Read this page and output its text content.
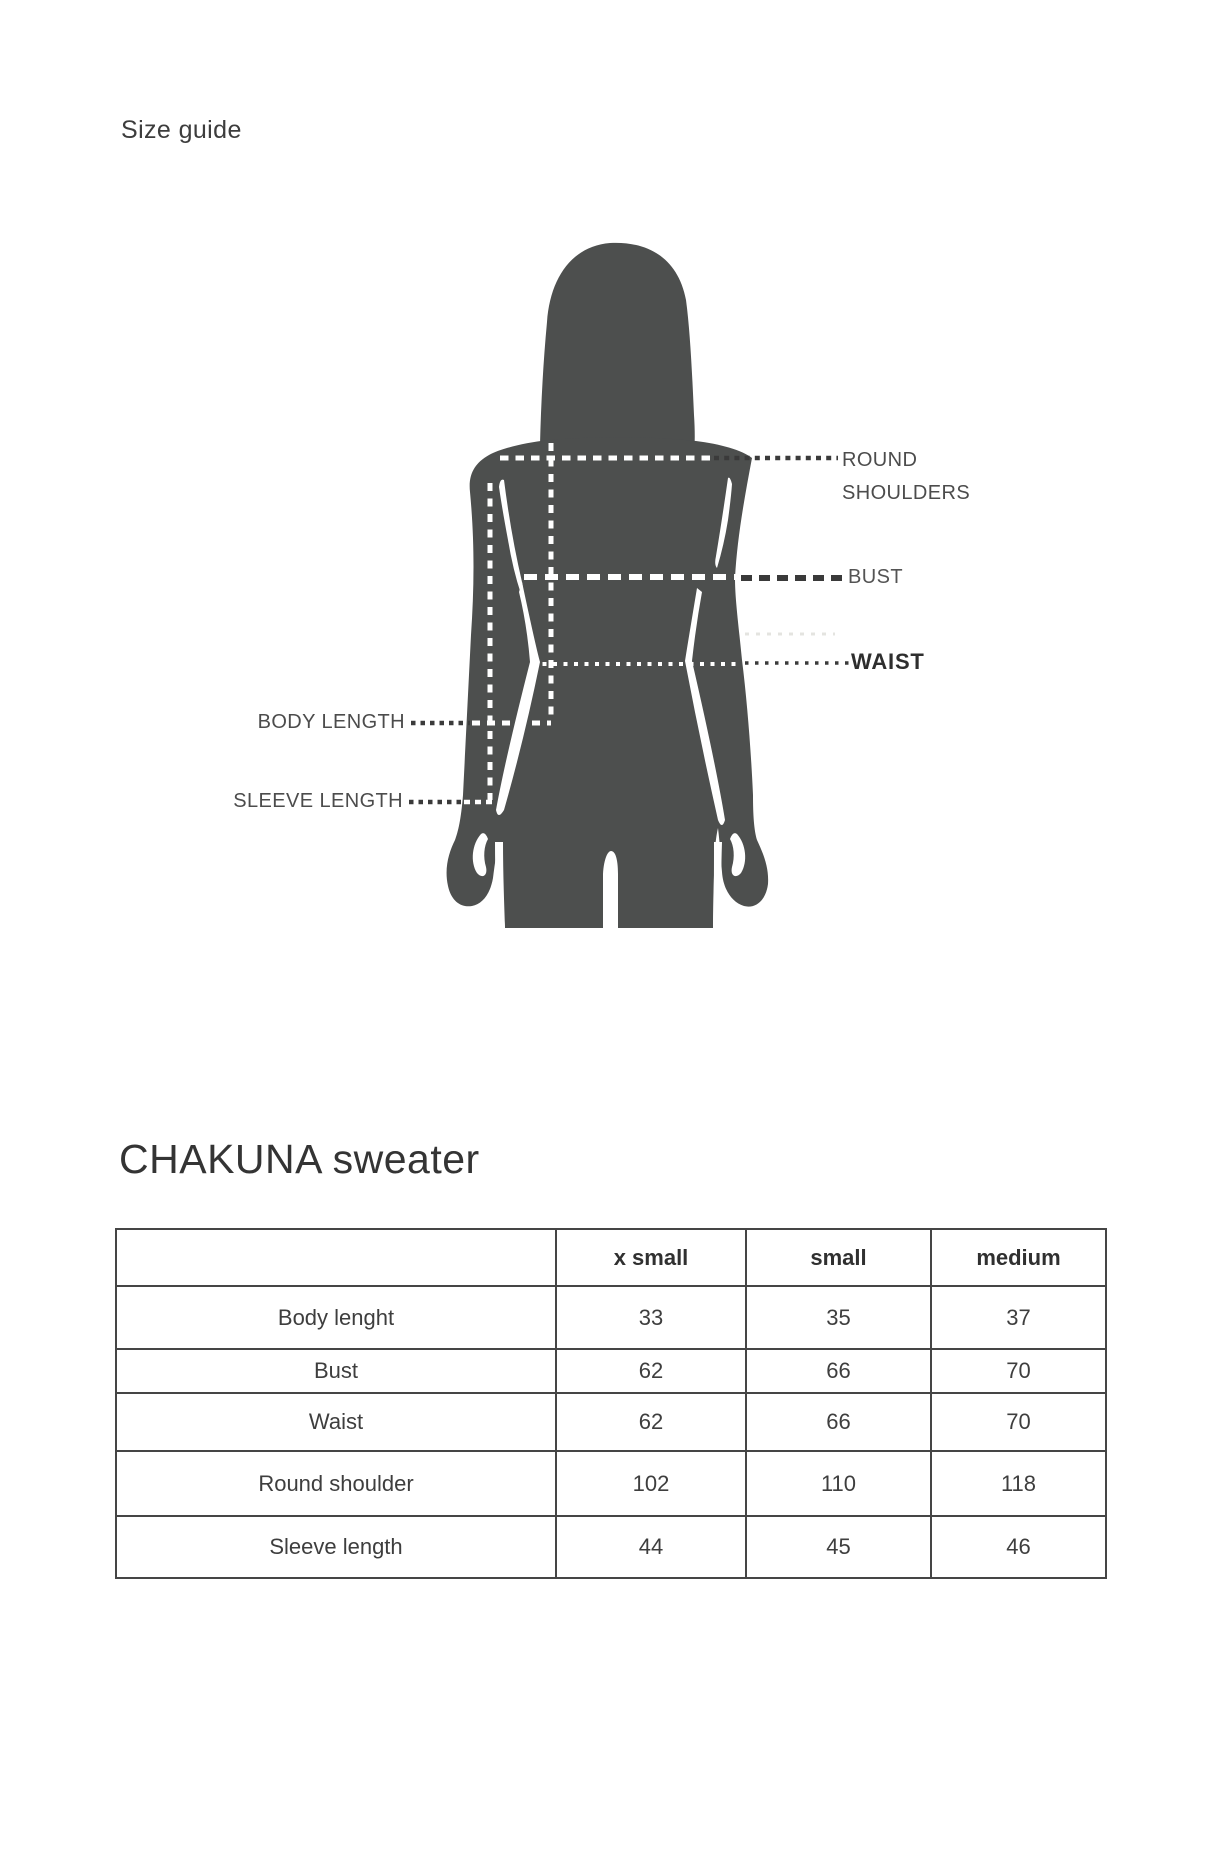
Size guide
ROUND
SHOULDERS
BUST
WAIST
BODY LENGTH
SLEEVE LENGTH
CHAKUNA sweater
	x small	small	medium
Body lenght	33	35	37
Bust	62	66	70
Waist	62	66	70
Round shoulder	102	110	118
Sleeve length	44	45	46
